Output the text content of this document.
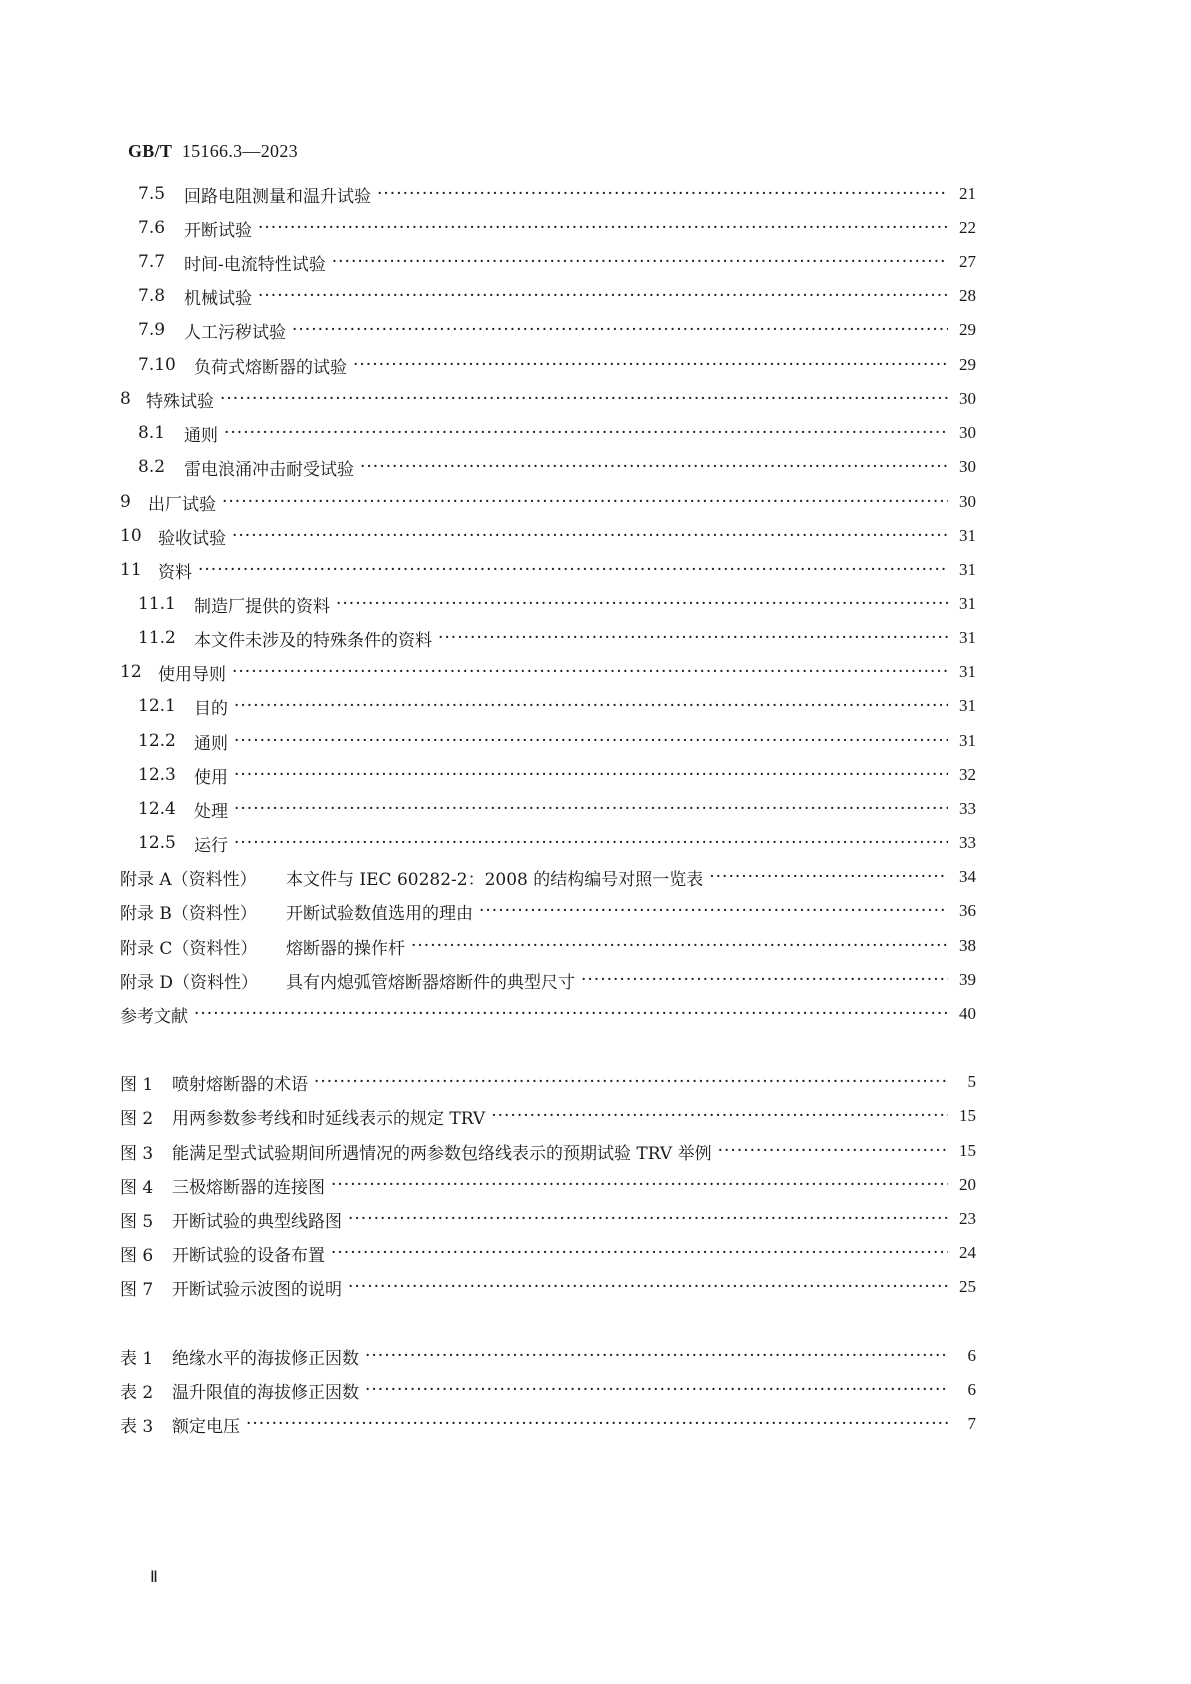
GB/T 15166.3—2023
7.5	回路电阻测量和温升试验 ·····	21
7.6	开断试验 ·····	22
7.7	时间-电流特性试验 ·····	27
7.8	机械试验 ·····	28
7.9	人工污秽试验 ·····	29
7.10	负荷式熔断器的试验 ·····	29
8 特殊试验 ·····	30
8.1	通则 ·····	30
8.2	雷电浪涌冲击耐受试验 ·····	30
9	出厂试验 ·····	30
10 验收试验 ·····	31
11 资料 ·····	31
11.1	制造厂提供的资料 ·····	31
11.2	本文件未涉及的特殊条件的资料 ·····	31
12 使用导则 ·····	31
12.1	目的 ·····	31
12.2	通则 ·····	31
12.3	使用 ·····	32
12.4	处理 ·····	33
12.5	运行 ·····	33
附录 A（资料性）	本文件与 IEC 60282-2：2008 的结构编号对照一览表 ·····	34
附录 B（资料性）	开断试验数值选用的理由 ·····	36
附录 C（资料性）	熔断器的操作杆 ·····	38
附录 D（资料性）	具有内熄弧管熔断器熔断件的典型尺寸 ·····	39
参考文献 ·····	40
图 1	喷射熔断器的术语 ·····	5
图 2	用两参数参考线和时延线表示的规定 TRV ·····	15
图 3	能满足型式试验期间所遇情况的两参数包络线表示的预期试验 TRV 举例 ·····	15
图 4	三极熔断器的连接图 ·····	20
图 5	开断试验的典型线路图 ·····	23
图 6	开断试验的设备布置 ·····	24
图 7	开断试验示波图的说明 ·····	25
表 1	绝缘水平的海拔修正因数 ·····	6
表 2	温升限值的海拔修正因数 ·····	6
表 3	额定电压 ·····	7
Ⅱ
